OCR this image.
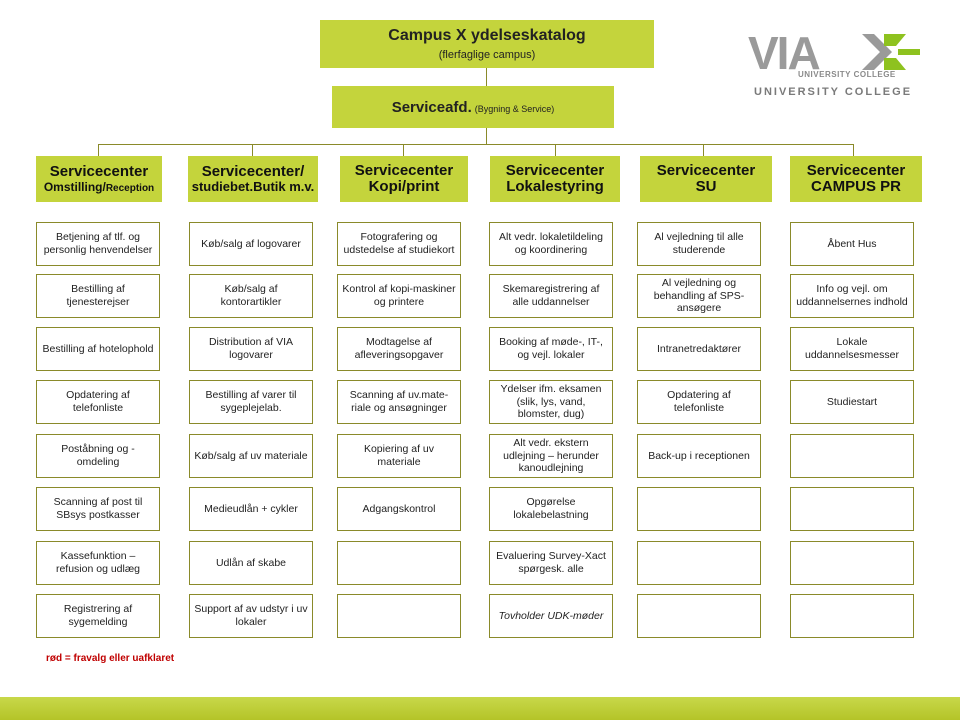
Campus X ydelseskatalog
(flerfaglige campus)
Serviceafd. (Bygning & Service)
Servicecenter
Omstilling/Reception
Servicecenter/
studiebet.Butik m.v.
Servicecenter
Kopi/print
Servicecenter
Lokalestyring
Servicecenter
SU
Servicecenter
CAMPUS PR
Betjening af tlf. og personlig henvendelser
Bestilling af tjenesterejser
Bestilling af hotelophold
Opdatering af telefonliste
Poståbning og -omdeling
Scanning af post til SBsys postkasser
Kassefunktion – refusion og udlæg
Registrering af sygemelding
Køb/salg af logovarer
Køb/salg af kontorartikler
Distribution af VIA logovarer
Bestilling af varer til sygeplejelab.
Køb/salg af uv materiale
Medieudlån + cykler
Udlån af skabe
Support af av udstyr i uv lokaler
Fotografering og udstedelse af studiekort
Kontrol af kopi-maskiner og printere
Modtagelse af afleveringsopgaver
Scanning af uv.mate-riale og ansøgninger
Kopiering af uv materiale
Adgangskontrol
Alt vedr. lokaletildeling og koordinering
Skemaregistrering af alle uddannelser
Booking af møde-, IT-, og vejl. lokaler
Ydelser ifm. eksamen (slik, lys, vand, blomster, dug)
Alt vedr. ekstern udlejning – herunder kanoudlejning
Opgørelse lokalebelastning
Evaluering Survey-Xact spørgesk. alle
Tovholder UDK-møder
Al vejledning til alle studerende
Al vejledning og behandling af SPS-ansøgere
Intranetredaktører
Opdatering af telefonliste
Back-up i receptionen
Åbent Hus
Info og vejl. om uddannelsernes indhold
Lokale uddannelsesmesser
Studiestart
VIA
UNIVERSITY COLLEGE
UNIVERSITY COLLEGE
rød = fravalg eller uafklaret
